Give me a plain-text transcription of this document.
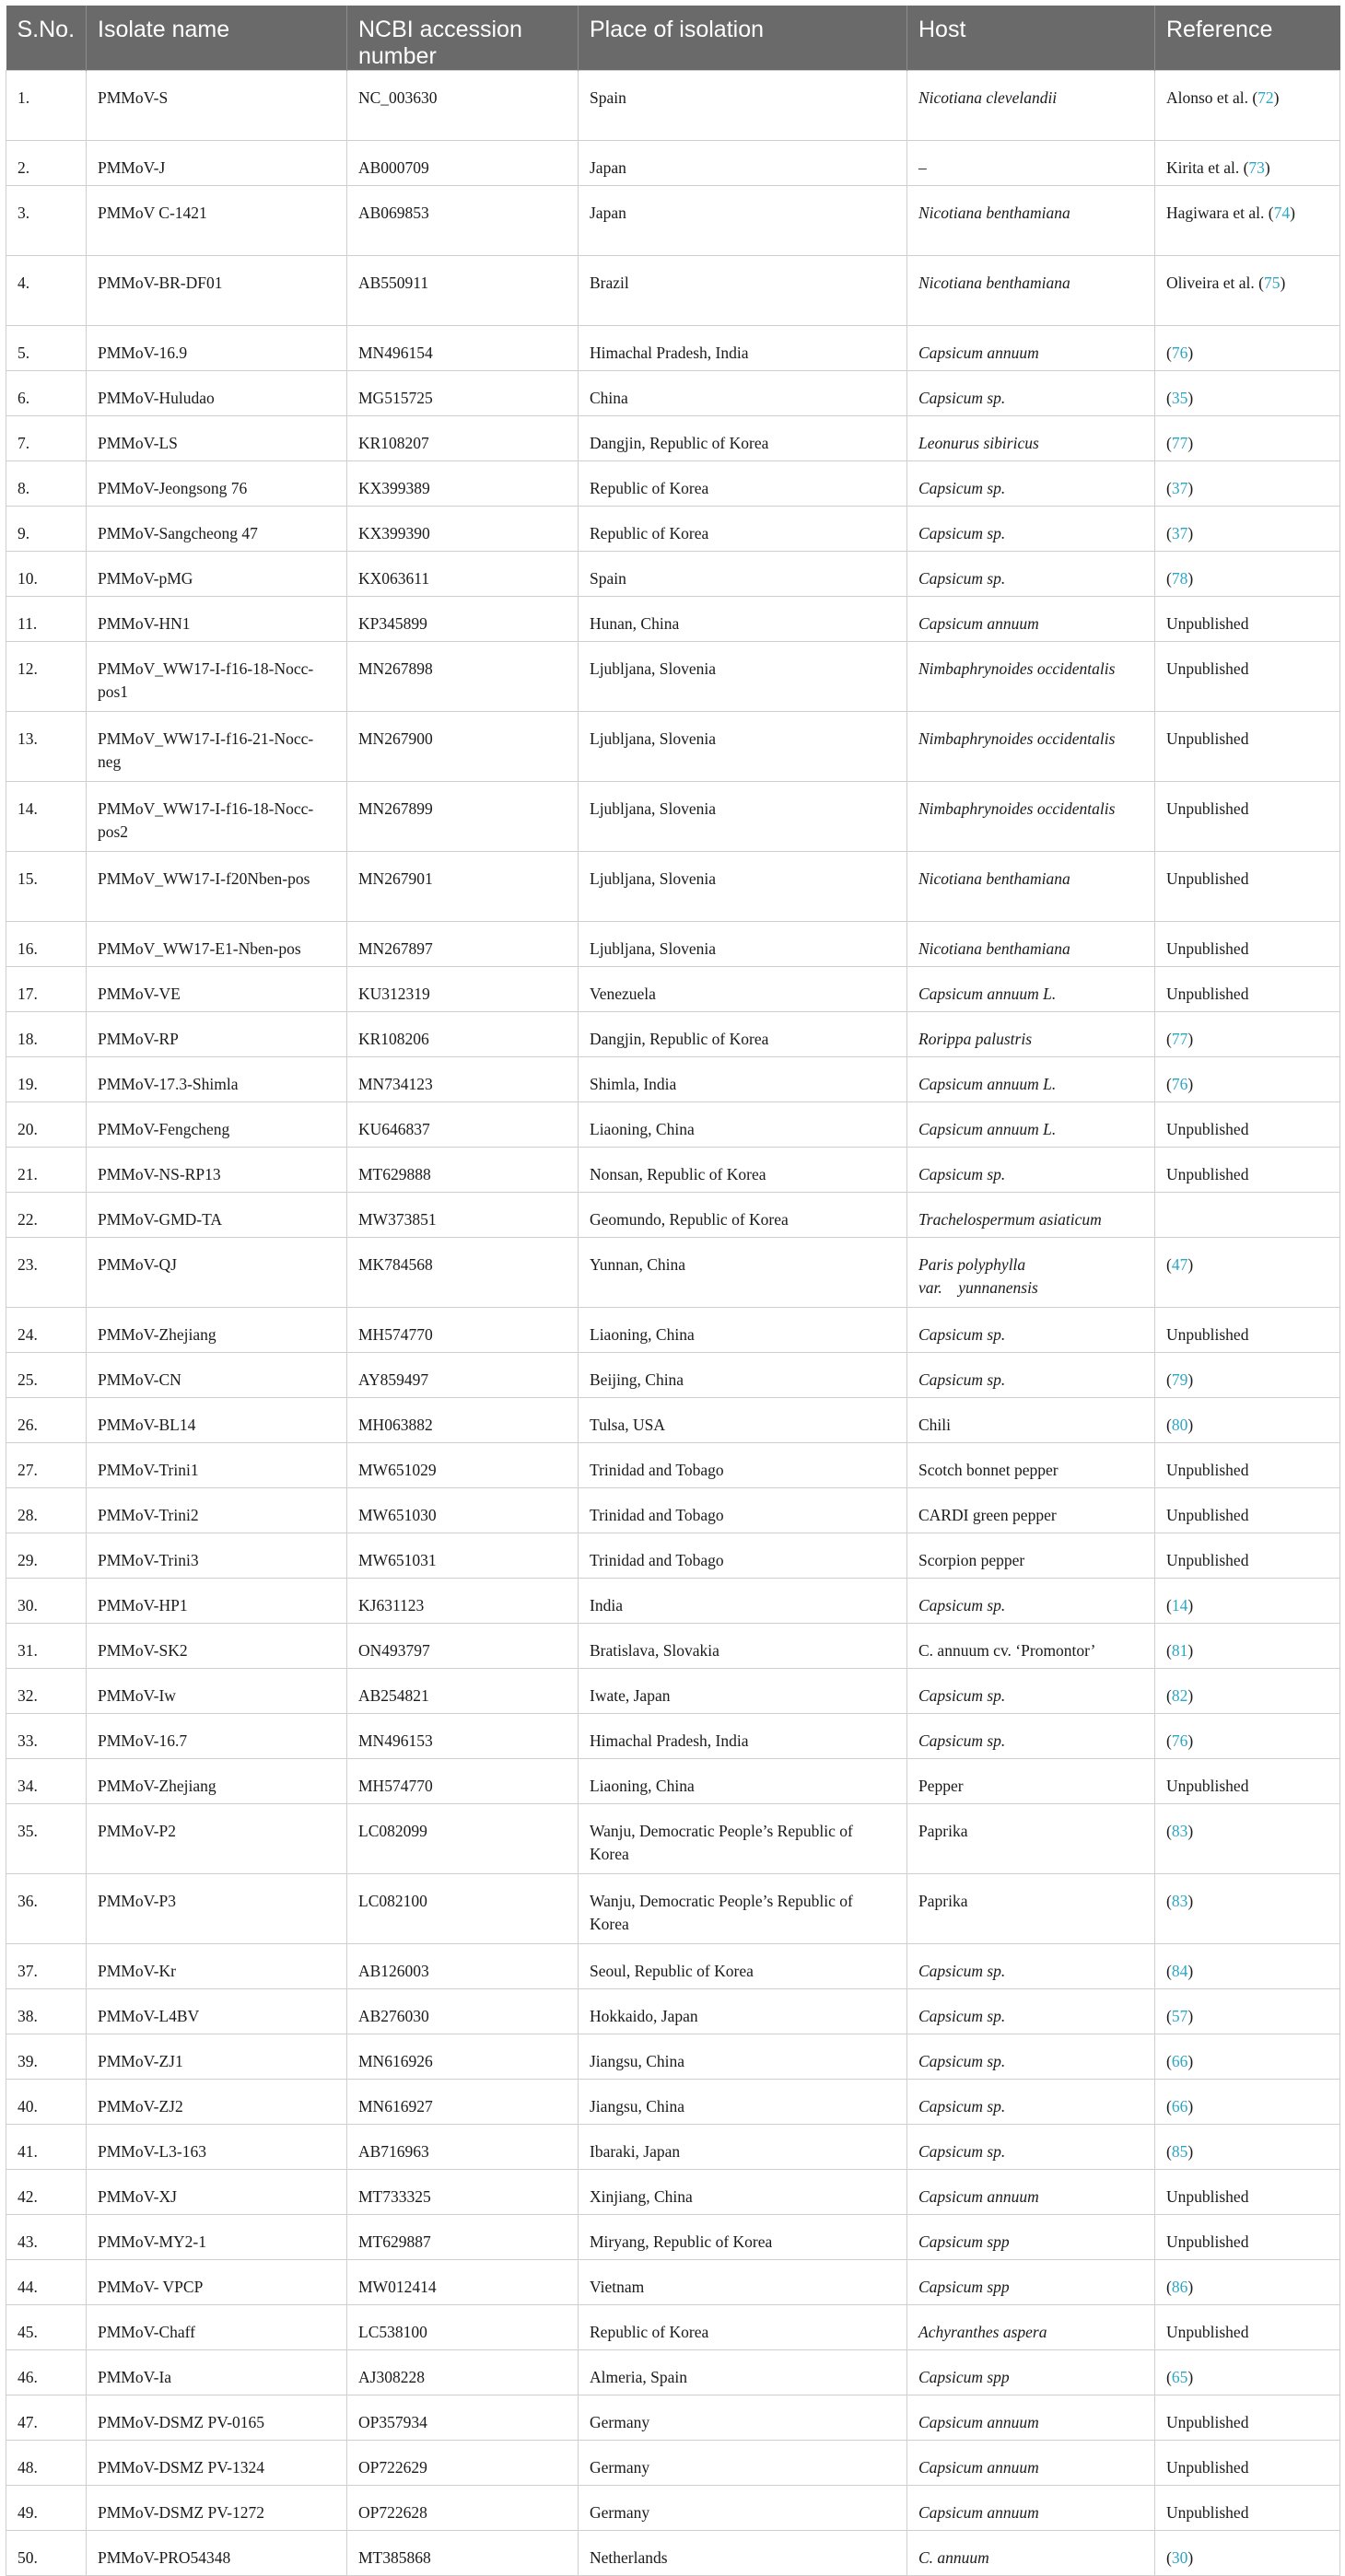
S.No.	Isolate name	NCBI accession number	Place of isolation	Host	Reference
1.	PMMoV-S	NC_003630	Spain	Nicotiana clevelandii	Alonso et al. (72)
2.	PMMoV-J	AB000709	Japan	–	Kirita et al. (73)
3.	PMMoV C-1421	AB069853	Japan	Nicotiana benthamiana	Hagiwara et al. (74)
4.	PMMoV-BR-DF01	AB550911	Brazil	Nicotiana benthamiana	Oliveira et al. (75)
5.	PMMoV-16.9	MN496154	Himachal Pradesh, India	Capsicum annuum	(76)
6.	PMMoV-Huludao	MG515725	China	Capsicum sp.	(35)
7.	PMMoV-LS	KR108207	Dangjin, Republic of Korea	Leonurus sibiricus	(77)
8.	PMMoV-Jeongsong 76	KX399389	Republic of Korea	Capsicum sp.	(37)
9.	PMMoV-Sangcheong 47	KX399390	Republic of Korea	Capsicum sp.	(37)
10.	PMMoV-pMG	KX063611	Spain	Capsicum sp.	(78)
11.	PMMoV-HN1	KP345899	Hunan, China	Capsicum annuum	Unpublished
12.	PMMoV_WW17-I-f16-18-Nocc-pos1	MN267898	Ljubljana, Slovenia	Nimbaphrynoides occidentalis	Unpublished
13.	PMMoV_WW17-I-f16-21-Nocc-neg	MN267900	Ljubljana, Slovenia	Nimbaphrynoides occidentalis	Unpublished
14.	PMMoV_WW17-I-f16-18-Nocc-pos2	MN267899	Ljubljana, Slovenia	Nimbaphrynoides occidentalis	Unpublished
15.	PMMoV_WW17-I-f20Nben-pos	MN267901	Ljubljana, Slovenia	Nicotiana benthamiana	Unpublished
16.	PMMoV_WW17-E1-Nben-pos	MN267897	Ljubljana, Slovenia	Nicotiana benthamiana	Unpublished
17.	PMMoV-VE	KU312319	Venezuela	Capsicum annuum L.	Unpublished
18.	PMMoV-RP	KR108206	Dangjin, Republic of Korea	Rorippa palustris	(77)
19.	PMMoV-17.3-Shimla	MN734123	Shimla, India	Capsicum annuum L.	(76)
20.	PMMoV-Fengcheng	KU646837	Liaoning, China	Capsicum annuum L.	Unpublished
21.	PMMoV-NS-RP13	MT629888	Nonsan, Republic of Korea	Capsicum sp.	Unpublished
22.	PMMoV-GMD-TA	MW373851	Geomundo, Republic of Korea	Trachelospermum asiaticum	
23.	PMMoV-QJ	MK784568	Yunnan, China	Paris polyphylla
var.    yunnanensis	(47)
24.	PMMoV-Zhejiang	MH574770	Liaoning, China	Capsicum sp.	Unpublished
25.	PMMoV-CN	AY859497	Beijing, China	Capsicum sp.	(79)
26.	PMMoV-BL14	MH063882	Tulsa, USA	Chili	(80)
27.	PMMoV-Trini1	MW651029	Trinidad and Tobago	Scotch bonnet pepper	Unpublished
28.	PMMoV-Trini2	MW651030	Trinidad and Tobago	CARDI green pepper	Unpublished
29.	PMMoV-Trini3	MW651031	Trinidad and Tobago	Scorpion pepper	Unpublished
30.	PMMoV-HP1	KJ631123	India	Capsicum sp.	(14)
31.	PMMoV-SK2	ON493797	Bratislava, Slovakia	C. annuum cv. ‘Promontor’	(81)
32.	PMMoV-Iw	AB254821	Iwate, Japan	Capsicum sp.	(82)
33.	PMMoV-16.7	MN496153	Himachal Pradesh, India	Capsicum sp.	(76)
34.	PMMoV-Zhejiang	MH574770	Liaoning, China	Pepper	Unpublished
35.	PMMoV-P2	LC082099	Wanju, Democratic People’s Republic of Korea	Paprika	(83)
36.	PMMoV-P3	LC082100	Wanju, Democratic People’s Republic of Korea	Paprika	(83)
37.	PMMoV-Kr	AB126003	Seoul, Republic of Korea	Capsicum sp.	(84)
38.	PMMoV-L4BV	AB276030	Hokkaido, Japan	Capsicum sp.	(57)
39.	PMMoV-ZJ1	MN616926	Jiangsu, China	Capsicum sp.	(66)
40.	PMMoV-ZJ2	MN616927	Jiangsu, China	Capsicum sp.	(66)
41.	PMMoV-L3-163	AB716963	Ibaraki, Japan	Capsicum sp.	(85)
42.	PMMoV-XJ	MT733325	Xinjiang, China	Capsicum annuum	Unpublished
43.	PMMoV-MY2-1	MT629887	Miryang, Republic of Korea	Capsicum spp	Unpublished
44.	PMMoV- VPCP	MW012414	Vietnam	Capsicum spp	(86)
45.	PMMoV-Chaff	LC538100	Republic of Korea	Achyranthes aspera	Unpublished
46.	PMMoV-Ia	AJ308228	Almeria, Spain	Capsicum spp	(65)
47.	PMMoV-DSMZ PV-0165	OP357934	Germany	Capsicum annuum	Unpublished
48.	PMMoV-DSMZ PV-1324	OP722629	Germany	Capsicum annuum	Unpublished
49.	PMMoV-DSMZ PV-1272	OP722628	Germany	Capsicum annuum	Unpublished
50.	PMMoV-PRO54348	MT385868	Netherlands	C. annuum	(30)
